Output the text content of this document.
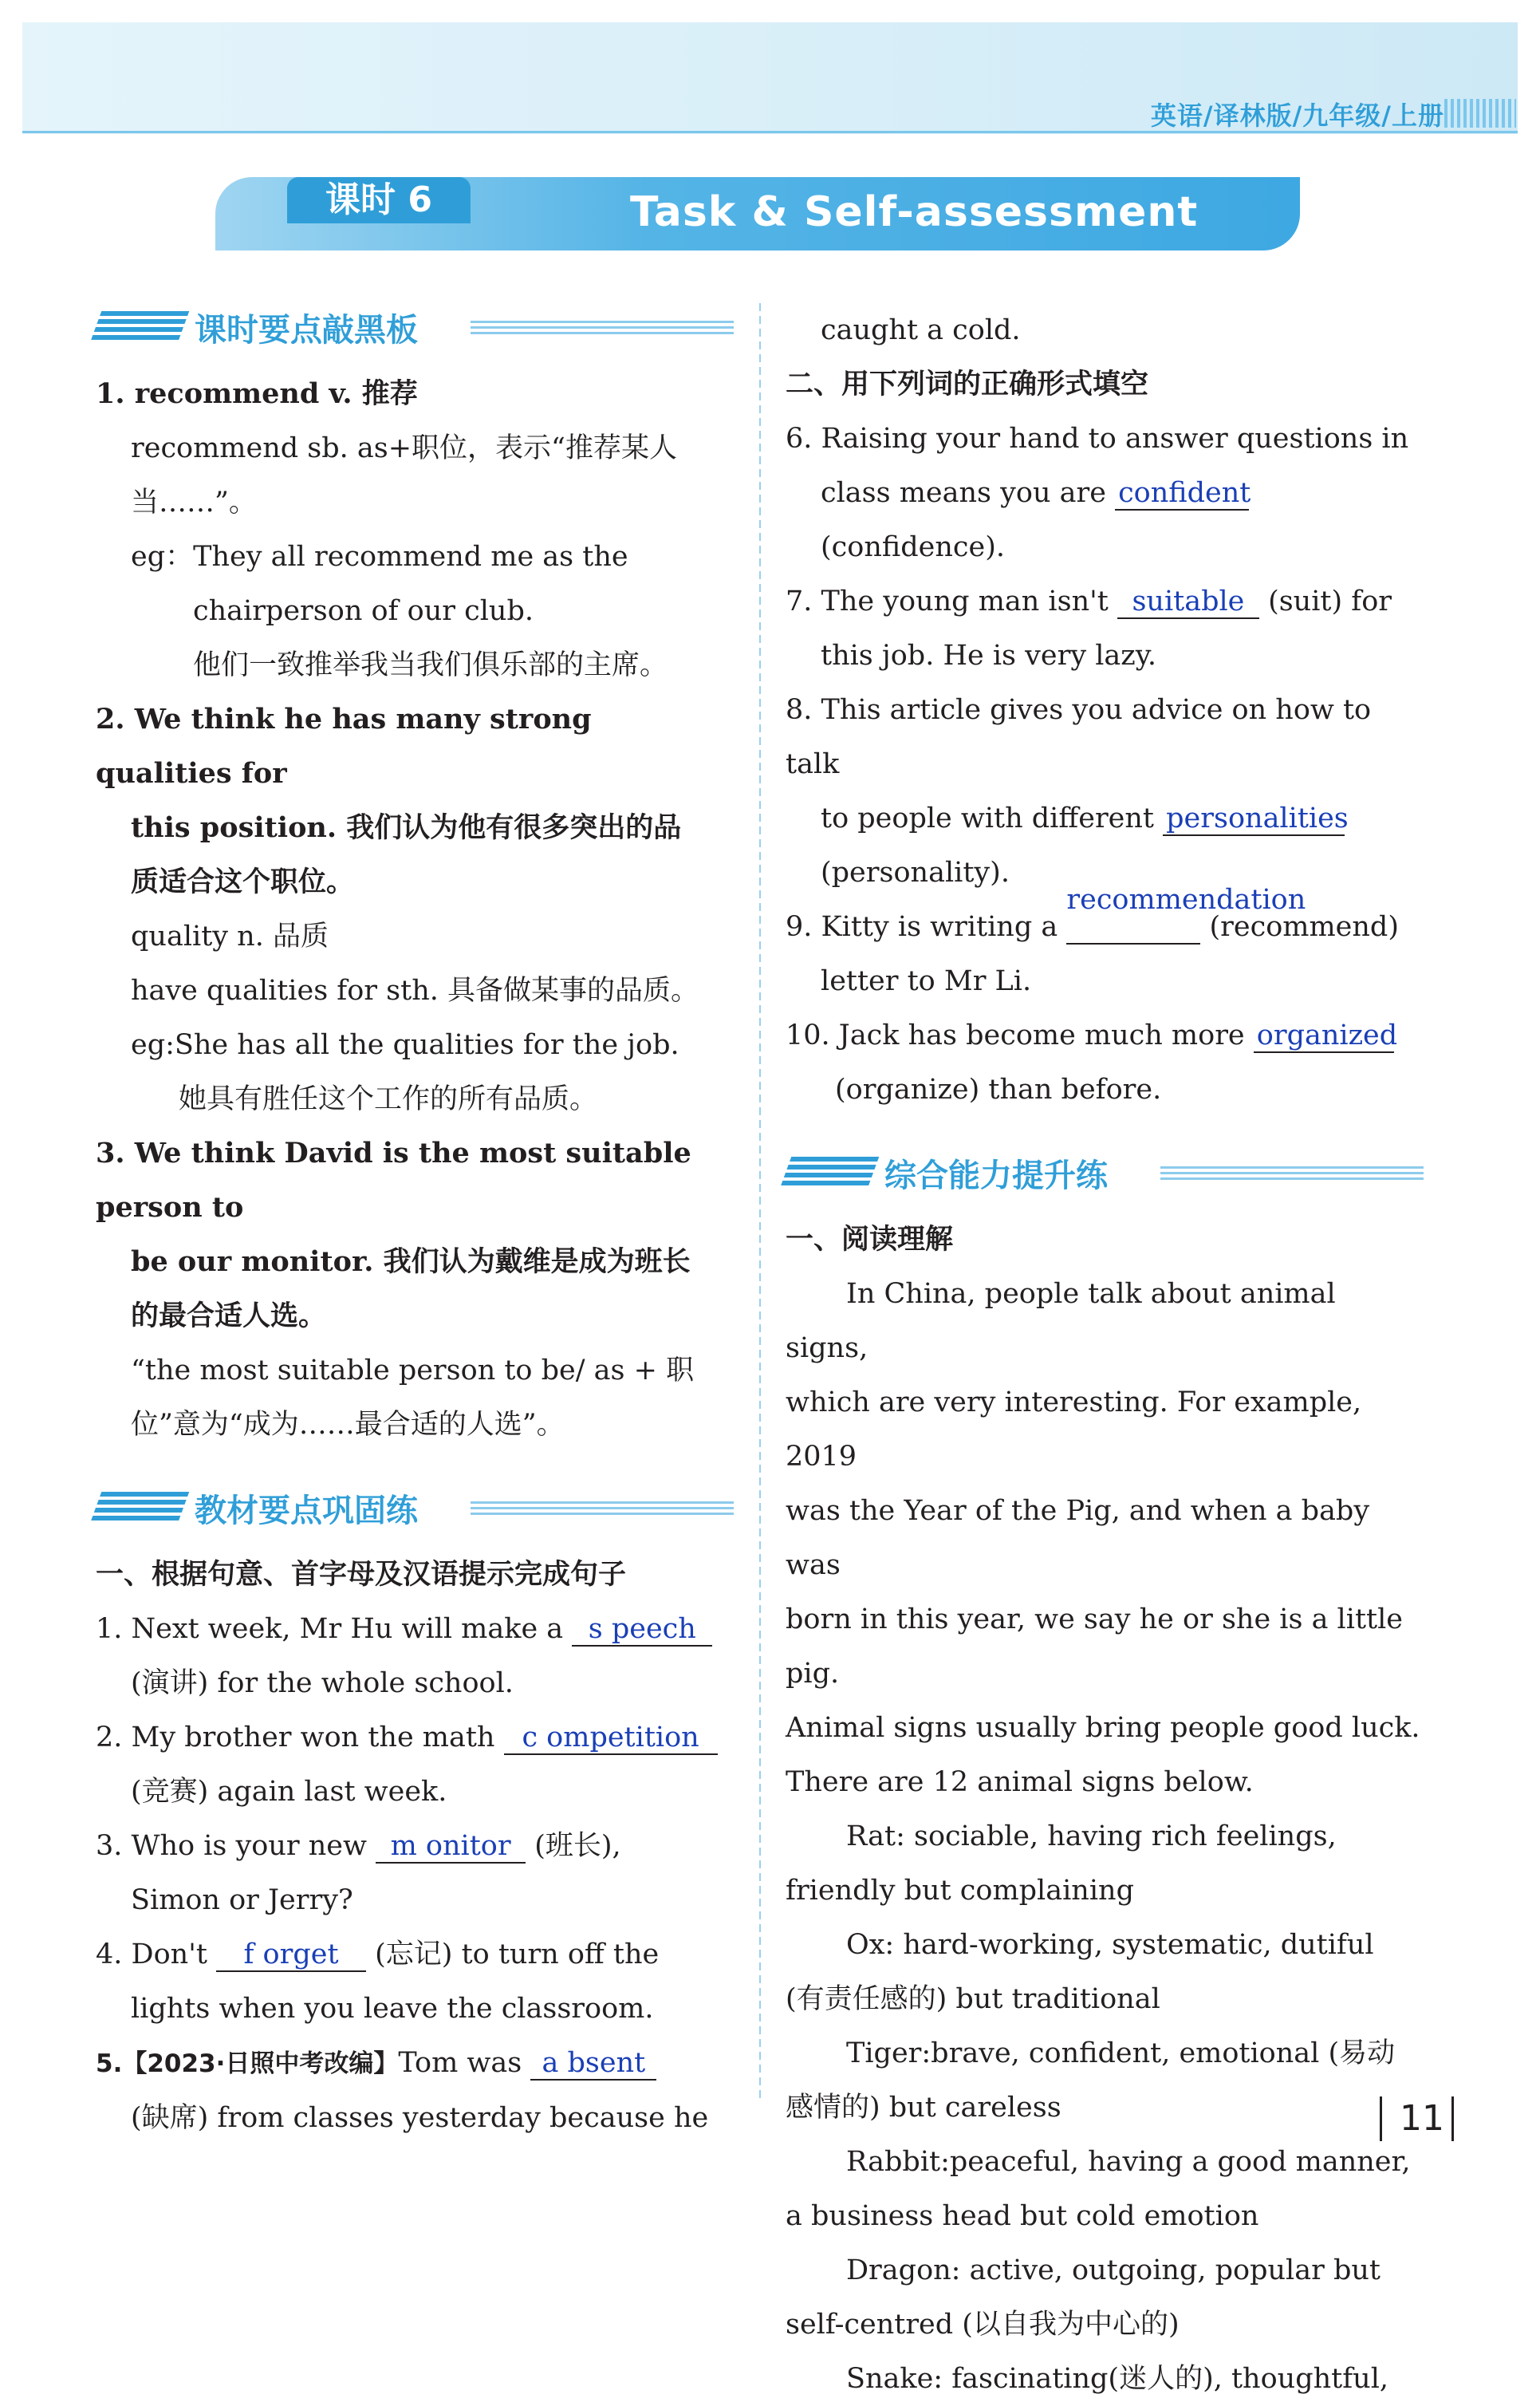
英语/译林版/九年级/上册
课时 6	Task & Self-assessment
课时要点敲黑板

1. recommend v. 推荐

recommend sb. as+职位，表示“推荐某人

当……”。

eg：They all recommend me as the

chairperson of our club.

他们一致推举我当我们俱乐部的主席。

2. We think he has many strong qualities for

this position. 我们认为他有很多突出的品

质适合这个职位。

quality n. 品质

have qualities for sth. 具备做某事的品质。

eg:She has all the qualities for the job.

她具有胜任这个工作的所有品质。

3. We think David is the most suitable person to

be our monitor. 我们认为戴维是成为班长

的最合适人选。

“the most suitable person to be/ as + 职

位”意为“成为……最合适的人选”。

教材要点巩固练

一、根据句意、首字母及汉语提示完成句子

1. Next week, Mr Hu will make a s peech

(演讲) for the whole school.

2. My brother won the math c ompetition

(竞赛) again last week.

3. Who is your new m onitor (班长),

Simon or Jerry?

4. Don't f orget (忘记) to turn off the

lights when you leave the classroom.

5.【2023·日照中考改编】Tom was a bsent

(缺席) from classes yesterday because he

caught a cold.

二、用下列词的正确形式填空

6. Raising your hand to answer questions in

class means you are confident(confidence).

7. The young man isn't suitable (suit) for

this job. He is very lazy.

8. This article gives you advice on how to talk

to people with different personalities

(personality).

9. Kitty is writing a
recommendation
(recommend)

letter to Mr Li.

10. Jack has become much more organized

(organize) than before.

综合能力提升练

一、阅读理解

In China, people talk about animal signs,

which are very interesting. For example, 2019

was the Year of the Pig, and when a baby was

born in this year, we say he or she is a little pig.

Animal signs usually bring people good luck.

There are 12 animal signs below.

Rat: sociable, having rich feelings,

friendly but complaining

Ox: hard-working, systematic, dutiful

(有责任感的) but traditional

Tiger:brave, confident, emotional (易动

感情的) but careless

Rabbit:peaceful, having a good manner,

a business head but cold emotion

Dragon: active, outgoing, popular but

self-centred (以自我为中心的)

Snake: fascinating(迷人的), thoughtful,

11
